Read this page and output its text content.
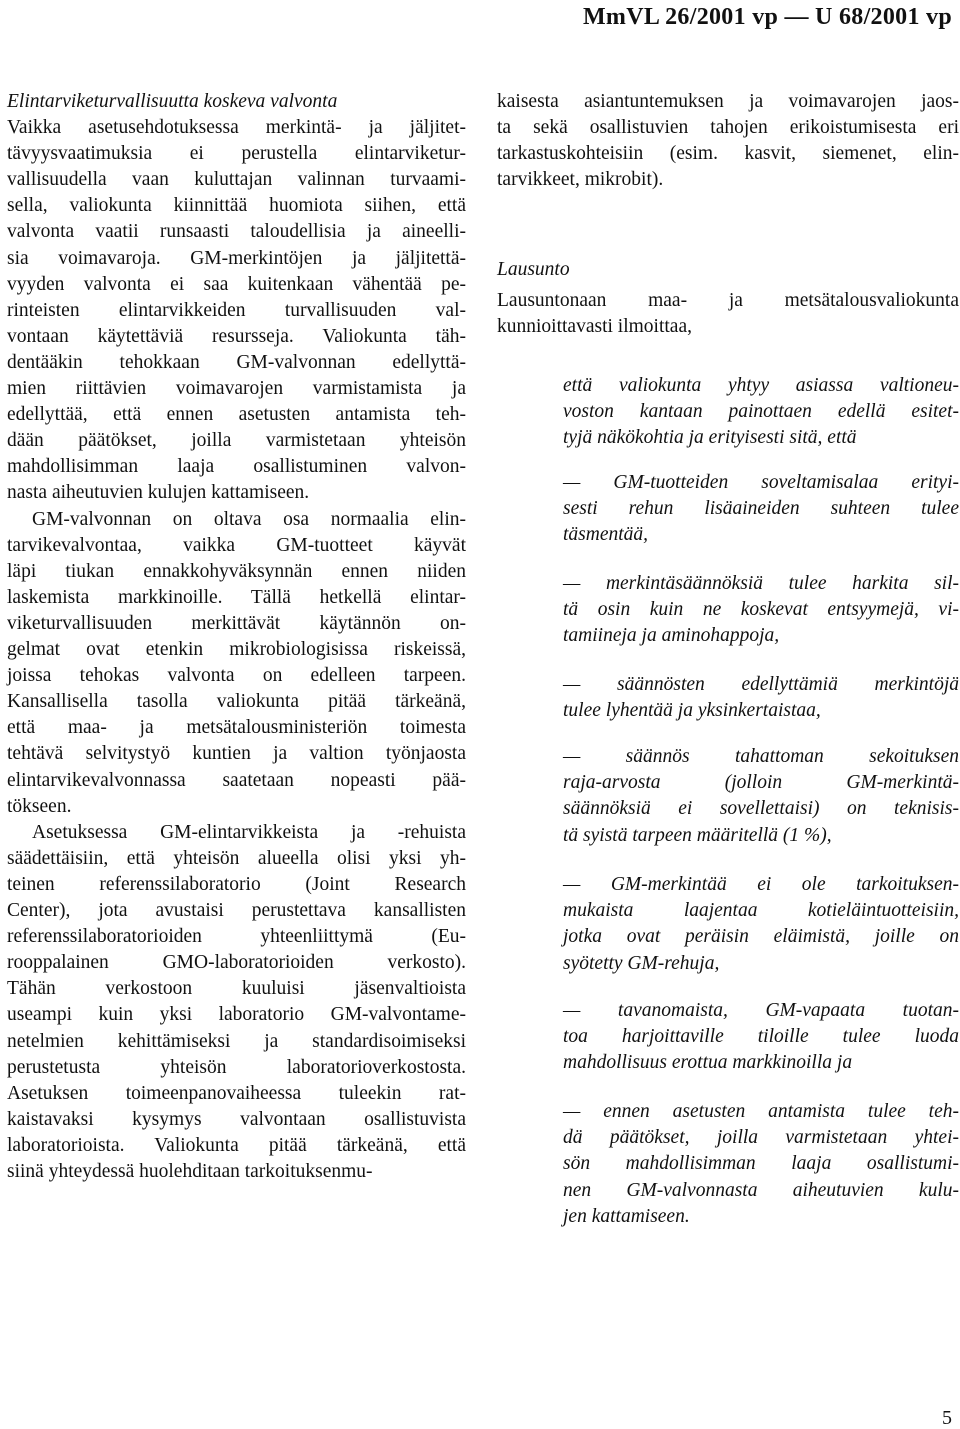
MmVL 26/2001 vp — U 68/2001 vp
Elintarviketurvallisuutta koskeva valvonta
Vaikka asetusehdotuksessa merkintä- ja jäljitet-
tävyysvaatimuksia ei perustella elintarviketur-
vallisuudella vaan kuluttajan valinnan turvaami-
sella, valiokunta kiinnittää huomiota siihen, että
valvonta vaatii runsaasti taloudellisia ja aineelli-
sia voimavaroja. GM-merkintöjen ja jäljitettä-
vyyden valvonta ei saa kuitenkaan vähentää pe-
rinteisten elintarvikkeiden turvallisuuden val-
vontaan käytettäviä resursseja. Valiokunta täh-
dentääkin tehokkaan GM-valvonnan edellyttä-
mien riittävien voimavarojen varmistamista ja
edellyttää, että ennen asetusten antamista teh-
dään päätökset, joilla varmistetaan yhteisön
mahdollisimman laaja osallistuminen valvon-
nasta aiheutuvien kulujen kattamiseen.
GM-valvonnan on oltava osa normaalia elin-
tarvikevalvontaa, vaikka GM-tuotteet käyvät
läpi tiukan ennakkohyväksynnän ennen niiden
laskemista markkinoille. Tällä hetkellä elintar-
viketurvallisuuden merkittävät käytännön on-
gelmat ovat etenkin mikrobiologisissa riskeissä,
joissa tehokas valvonta on edelleen tarpeen.
Kansallisella tasolla valiokunta pitää tärkeänä,
että maa- ja metsätalousministeriön toimesta
tehtävä selvitystyö kuntien ja valtion työnjaosta
elintarvikevalvonnassa saatetaan nopeasti pää-
tökseen.
Asetuksessa GM-elintarvikkeista ja -rehuista
säädettäisiin, että yhteisön alueella olisi yksi yh-
teinen referenssilaboratorio (Joint Research
Center), jota avustaisi perustettava kansallisten
referenssilaboratorioiden yhteenliittymä (Eu-
rooppalainen GMO-laboratorioiden verkosto).
Tähän verkostoon kuuluisi jäsenvaltioista
useampi kuin yksi laboratorio GM-valvontame-
netelmien kehittämiseksi ja standardisoimiseksi
perustetusta yhteisön laboratorioverkostosta.
Asetuksen toimeenpanovaiheessa tuleekin rat-
kaistavaksi kysymys valvontaan osallistuvista
laboratorioista. Valiokunta pitää tärkeänä, että
siinä yhteydessä huolehditaan tarkoituksenmu-
kaisesta asiantuntemuksen ja voimavarojen jaos-
ta sekä osallistuvien tahojen erikoistumisesta eri
tarkastuskohteisiin (esim. kasvit, siemenet, elin-
tarvikkeet, mikrobit).
Lausunto
Lausuntonaan maa- ja metsätalousvaliokunta
kunnioittavasti ilmoittaa,
että valiokunta yhtyy asiassa valtioneu-
voston kantaan painottaen edellä esitet-
tyjä näkökohtia ja erityisesti sitä, että
— GM-tuotteiden soveltamisalaa erityi-
sesti rehun lisäaineiden suhteen tulee
täsmentää,
— merkintäsäännöksiä tulee harkita sil-
tä osin kuin ne koskevat entsyymejä, vi-
tamiineja ja aminohappoja,
— säännösten edellyttämiä merkintöjä
tulee lyhentää ja yksinkertaistaa,
— säännös tahattoman sekoituksen
raja-arvosta (jolloin GM-merkintä-
säännöksiä ei sovellettaisi) on teknisis-
tä syistä tarpeen määritellä (1 %),
— GM-merkintää ei ole tarkoituksen-
mukaista laajentaa kotieläintuotteisiin,
jotka ovat peräisin eläimistä, joille on
syötetty GM-rehuja,
— tavanomaista, GM-vapaata tuotan-
toa harjoittaville tiloille tulee luoda
mahdollisuus erottua markkinoilla ja
— ennen asetusten antamista tulee teh-
dä päätökset, joilla varmistetaan yhtei-
sön mahdollisimman laaja osallistumi-
nen GM-valvonnasta aiheutuvien kulu-
jen kattamiseen.
5
